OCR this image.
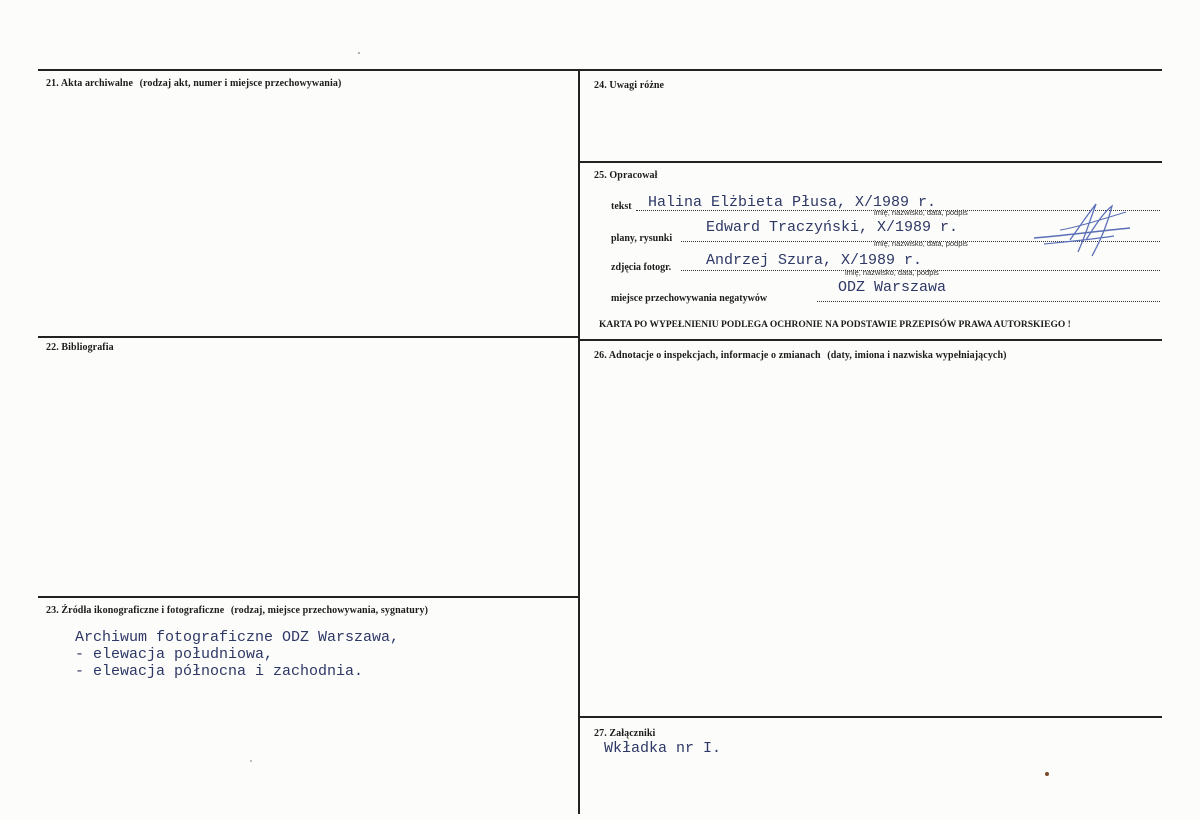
21. Akta archiwalne (rodzaj akt, numer i miejsce przechowywania)
22. Bibliografia
23. Źródła ikonograficzne i fotograficzne (rodzaj, miejsce przechowywania, sygnatury)
Archiwum fotograficzne ODZ Warszawa,
- elewacja południowa,
- elewacja północna i zachodnia.
24. Uwagi różne
25. Opracował
tekst Halina Elżbieta Płusa, X/1989 r.
imię, nazwisko, data, podpis
plany, rysunki
Edward Traczyński, X/1989 r.
imię, nazwisko, data, podpis
zdjęcia fotogr. Andrzej Szura, X/1989 r.
imię, nazwisko, data, podpis
miejsce przechowywania negatywów
ODZ Warszawa
KARTA PO WYPEŁNIENIU PODLEGA OCHRONIE NA PODSTAWIE PRZEPISÓW PRAWA AUTORSKIEGO !
26. Adnotacje o inspekcjach, informacje o zmianach (daty, imiona i nazwiska wypełniających)
27. Załączniki
Wkładka nr I.
